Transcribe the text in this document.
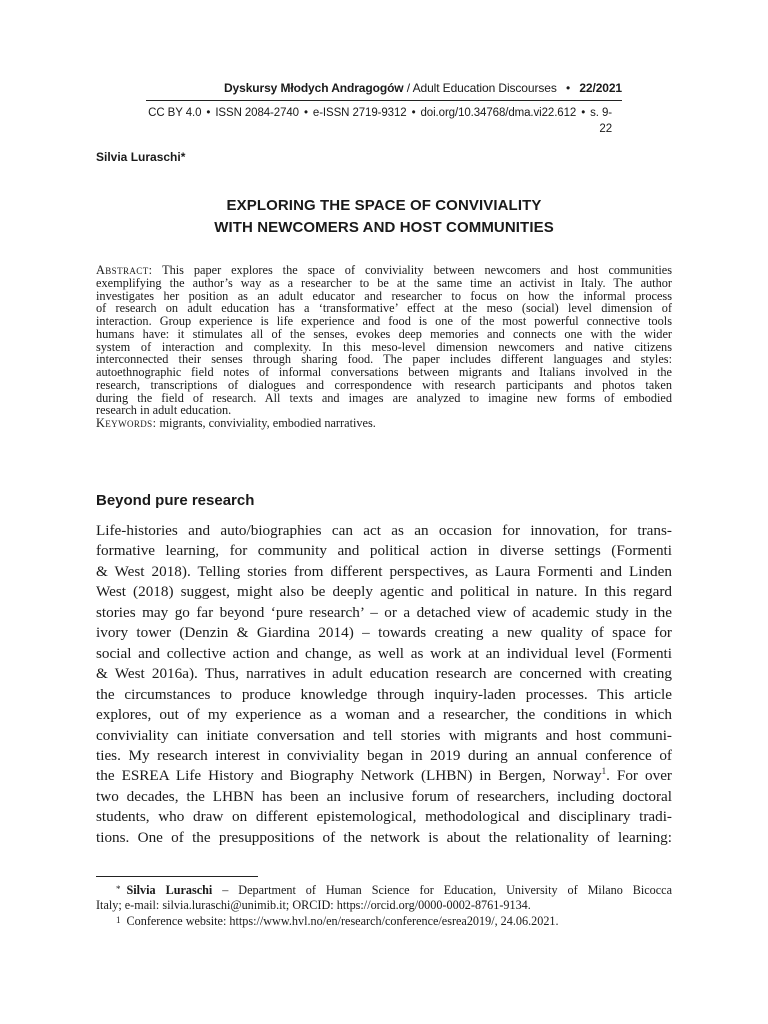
Dyskursy Młodych Andragogów / Adult Education Discourses • 22/2021
CC BY 4.0 • ISSN 2084-2740 • e-ISSN 2719-9312 • doi.org/10.34768/dma.vi22.612 • s. 9-22
Silvia Luraschi*
EXPLORING THE SPACE OF CONVIVIALITY
WITH NEWCOMERS AND HOST COMMUNITIES
Abstract: This paper explores the space of conviviality between newcomers and host communities
exemplifying the author’s way as a researcher to be at the same time an activist in Italy. The author
investigates her position as an adult educator and researcher to focus on how the informal process
of research on adult education has a ‘transformative’ effect at the meso (social) level dimension of
interaction. Group experience is life experience and food is one of the most powerful connective tools
humans have: it stimulates all of the senses, evokes deep memories and connects one with the wider
system of interaction and complexity. In this meso-level dimension newcomers and native citizens
interconnected their senses through sharing food. The paper includes different languages and styles:
autoethnographic field notes of informal conversations between migrants and Italians involved in the
research, transcriptions of dialogues and correspondence with research participants and photos taken
during the field of research. All texts and images are analyzed to imagine new forms of embodied
research in adult education.
Keywords: migrants, conviviality, embodied narratives.
Beyond pure research
Life-histories and auto/biographies can act as an occasion for innovation, for trans-
formative learning, for community and political action in diverse settings (Formenti
& West 2018). Telling stories from different perspectives, as Laura Formenti and Linden
West (2018) suggest, might also be deeply agentic and political in nature. In this regard
stories may go far beyond ‘pure research’ – or a detached view of academic study in the
ivory tower (Denzin & Giardina 2014) – towards creating a new quality of space for
social and collective action and change, as well as work at an individual level (Formenti
& West 2016a). Thus, narratives in adult education research are concerned with creating
the circumstances to produce knowledge through inquiry-laden processes. This article
explores, out of my experience as a woman and a researcher, the conditions in which
conviviality can initiate conversation and tell stories with migrants and host communi-
ties. My research interest in conviviality began in 2019 during an annual conference of
the ESREA Life History and Biography Network (LHBN) in Bergen, Norway$^1$. For over
two decades, the LHBN has been an inclusive forum of researchers, including doctoral
students, who draw on different epistemological, methodological and disciplinary tradi-
tions. One of the presuppositions of the network is about the relationality of learning:
* Silvia Luraschi – Department of Human Science for Education, University of Milano Bicocca
Italy; e-mail: silvia.luraschi@unimib.it; ORCID: https://orcid.org/0000-0002-8761-9134.
1 Conference website: https://www.hvl.no/en/research/conference/esrea2019/, 24.06.2021.
